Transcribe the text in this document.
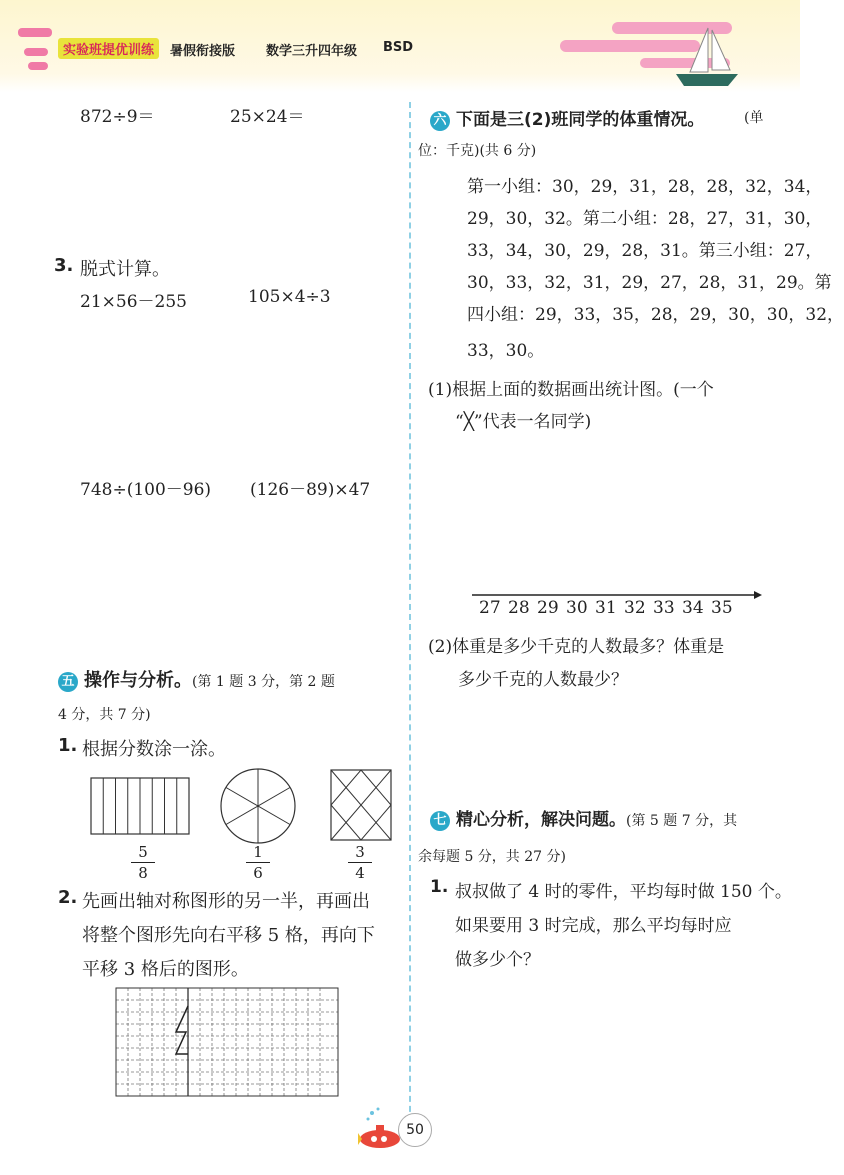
实验班提优训练	暑假衔接版 数学三升四年级 BSD
872÷9＝	25×24＝
3. 脱式计算。
21×56－255	105×4÷3
748÷(100－96) (126－89)×47
五 操作与分析。(第 1 题 3 分，第 2 题
4 分，共 7 分)
1. 根据分数涂一涂。
5
8
1
6
3
4
2. 先画出轴对称图形的另一半，再画出
将整个图形先向右平移 5 格，再向下
平移 3 格后的图形。
六 下面是三(2)班同学的体重情况。	(单
位：千克)(共 6 分)
第一小组：30，29，31，28，28，32，34，
29，30，32。第二小组：28，27，31，30，
33，34，30，29，28，31。第三小组：27，
30，33，32，31，29，27，28，31，29。第
四小组：29，33，35，28，29，30，30，32，
33，30。
(1)根据上面的数据画出统计图。(一个
“╳”代表一名同学)
27 28 29 30 31 32 33 34 35
(2)体重是多少千克的人数最多？体重是
多少千克的人数最少？
七 精心分析，解决问题。(第 5 题 7 分，其
余每题 5 分，共 27 分)
1. 叔叔做了 4 时的零件，平均每时做 150 个。
如果要用 3 时完成，那么平均每时应
做多少个？
50
